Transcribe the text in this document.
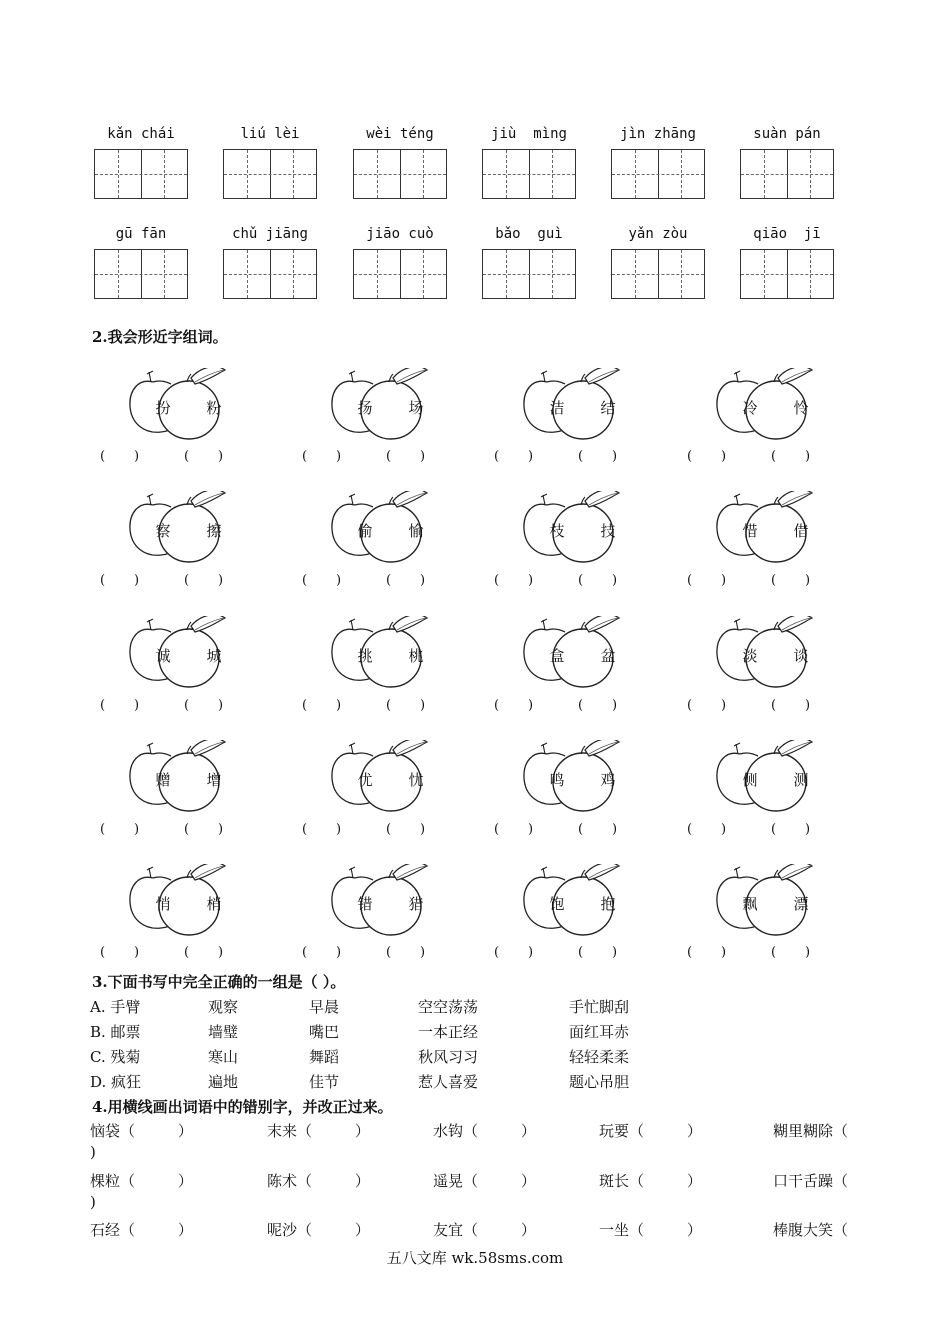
kǎn chái	liú lèi	wèi téng	jiù  mìng	jìn zhāng	suàn pán
gū fān	chǔ jiāng	jiāo cuò	bǎo  guì	yǎn zòu	qiāo  jī
2.我会形近字组词。
扮	粉
(       )	(       )
扬	场
(       )	(       )
洁	结
(       )	(       )
冷	怜
(       )	(       )
察	擦
(       )	(       )
偷	愉
(       )	(       )
枝	技
(       )	(       )
惜	借
(       )	(       )
诚	城
(       )	(       )
挑	桃
(       )	(       )
盒	盆
(       )	(       )
淡	谈
(       )	(       )
赠	增
(       )	(       )
优	忧
(       )	(       )
鸣	鸡
(       )	(       )
侧	测
(       )	(       )
悄	梢
(       )	(       )
错	猎
(       )	(       )
饱	抱
(       )	(       )
飘	漂
(       )	(       )
3.下面书写中完全正确的一组是（ ）。
A. 手臂	观察	早晨	空空荡荡	手忙脚刮
B. 邮票	墙璧	嘴巴	一本正经	面红耳赤
C. 残菊	寒山	舞蹈	秋风习习	轻轻柔柔
D. 疯狂	遍地	佳节	惹人喜爱	题心吊胆
4.用横线画出词语中的错别字，并改正过来。
恼袋（         ）	末来（         ）	水钩（         ）	玩要（         ）	糊里糊除（
)
棵粒（         ）	陈术（         ）	遥晃（         ）	斑长（         ）	口干舌躁（
)
石经（         ）	呢沙（         ）	友宜（         ）	一坐（         ）	棒腹大笑（
五八文库 wk.58sms.com
